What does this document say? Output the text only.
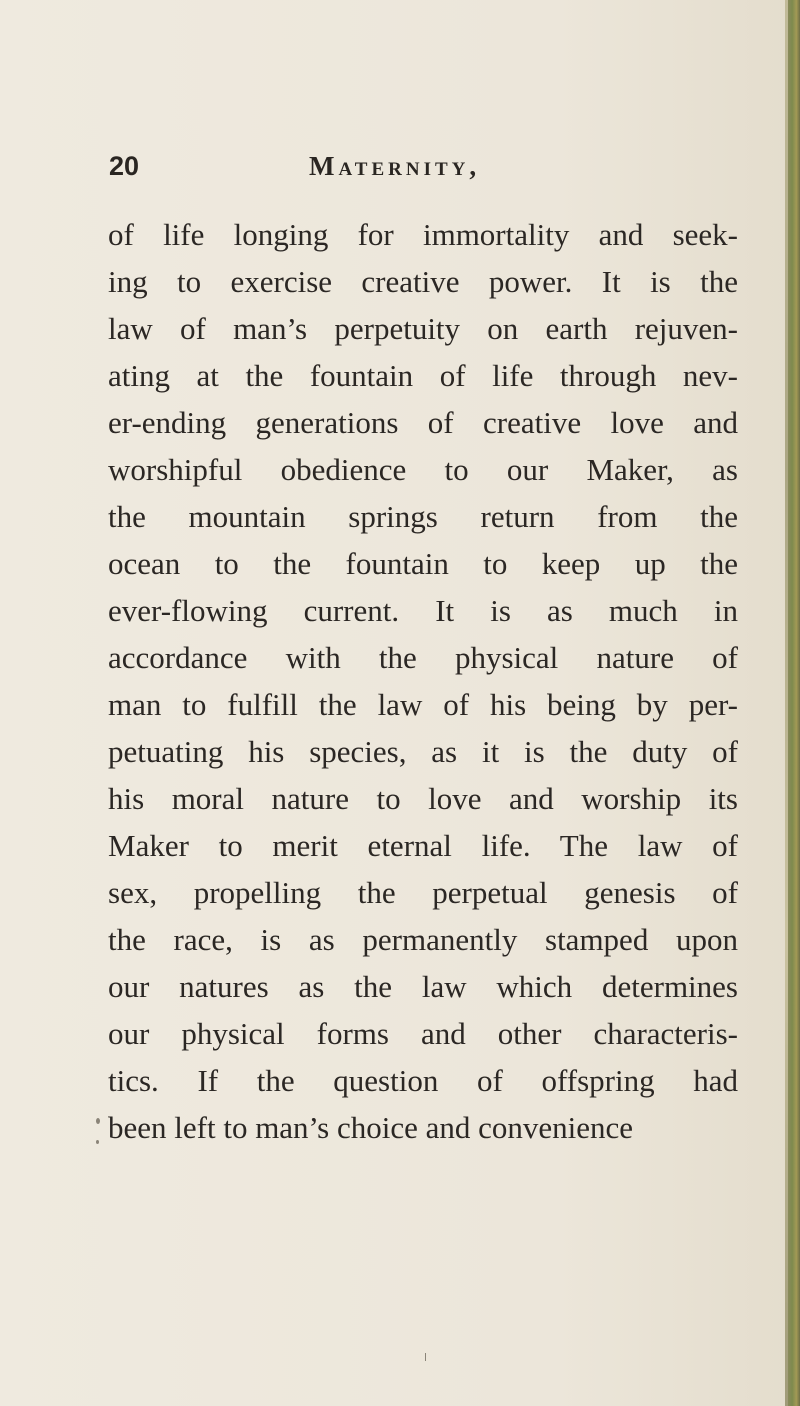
20	Maternity,
of life longing for immortality and seek-
ing to exercise creative power. It is the
law of man’s perpetuity on earth rejuven-
ating at the fountain of life through nev-
er-ending generations of creative love and
worshipful obedience to our Maker, as
the mountain springs return from the
ocean to the fountain to keep up the
ever-flowing current. It is as much in
accordance with the physical nature of
man to fulfill the law of his being by per-
petuating his species, as it is the duty of
his moral nature to love and worship its
Maker to merit eternal life. The law of
sex, propelling the perpetual genesis of
the race, is as permanently stamped upon
our natures as the law which determines
our physical forms and other characteris-
tics. If the question of offspring had
been left to man’s choice and convenience
